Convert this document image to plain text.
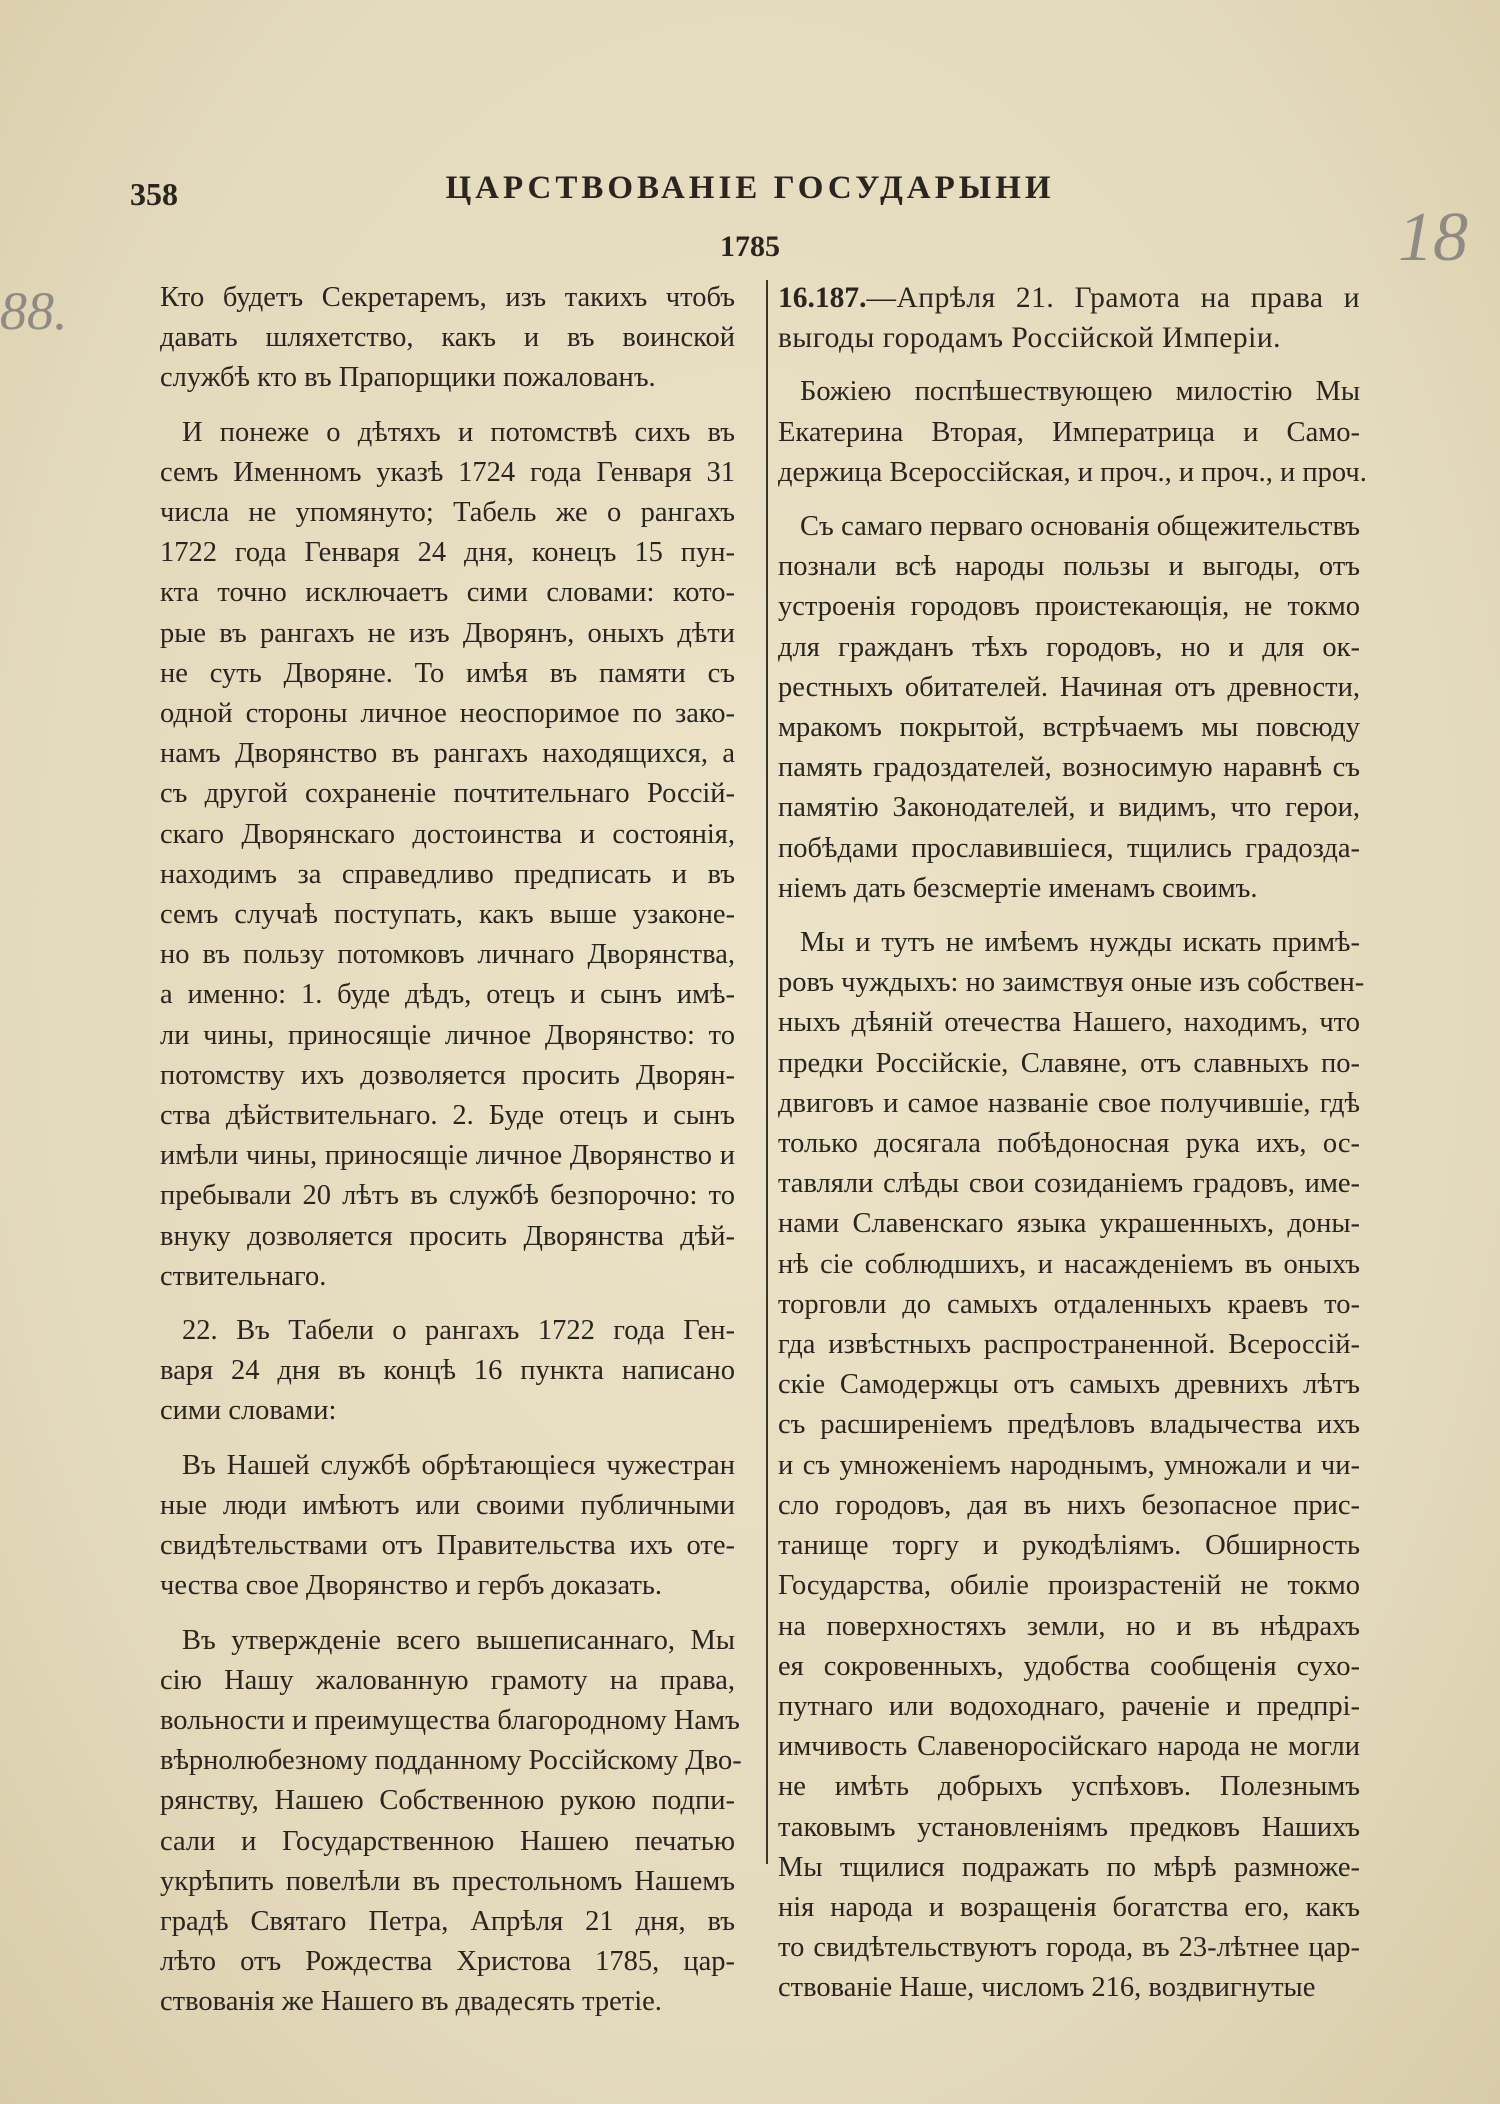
358	ЦАРСТВОВАНІЕ ГОСУДАРЫНИ
1785
88.
18
Кто будетъ Секретаремъ, изъ такихъ чтобъ
давать шляхетство, какъ и въ воинской
службѣ кто въ Прапорщики пожалованъ.
И понеже о дѣтяхъ и потомствѣ сихъ въ
семъ Именномъ указѣ 1724 года Генваря 31
числа не упомянуто; Табель же о рангахъ
1722 года Генваря 24 дня, конецъ 15 пун-
кта точно исключаетъ сими словами: кото-
рые въ рангахъ не изъ Дворянъ, оныхъ дѣти
не суть Дворяне. То имѣя въ памяти съ
одной стороны личное неоспоримое по зако-
намъ Дворянство въ рангахъ находящихся, а
съ другой сохраненіе почтительнаго Россій-
скаго Дворянскаго достоинства и состоянія,
находимъ за справедливо предписать и въ
семъ случаѣ поступать, какъ выше узаконе-
но въ пользу потомковъ личнаго Дворянства,
а именно: 1. буде дѣдъ, отецъ и сынъ имѣ-
ли чины, приносящіе личное Дворянство: то
потомству ихъ дозволяется просить Дворян-
ства дѣйствительнаго. 2. Буде отецъ и сынъ
имѣли чины, приносящіе личное Дворянство и
пребывали 20 лѣтъ въ службѣ безпорочно: то
внуку дозволяется просить Дворянства дѣй-
ствительнаго.
22. Въ Табели о рангахъ 1722 года Ген-
варя 24 дня въ концѣ 16 пункта написано
сими словами:
Въ Нашей службѣ обрѣтающіеся чужестран
ные люди имѣютъ или своими публичными
свидѣтельствами отъ Правительства ихъ оте-
чества свое Дворянство и гербъ доказать.
Въ утвержденіе всего вышеписаннаго, Мы
сію Нашу жалованную грамоту на права,
вольности и преимущества благородному Намъ
вѣрнолюбезному подданному Россійскому Дво-
рянству, Нашею Собственною рукою подпи-
сали и Государственною Нашею печатью
укрѣпить повелѣли въ престольномъ Нашемъ
градѣ Святаго Петра, Апрѣля 21 дня, въ
лѣто отъ Рождества Христова 1785, цар-
ствованія же Нашего въ двадесять третіе.
16.187.—Апрѣля 21. Грамота на права и
выгоды городамъ Россійской Имперіи.
Божіею поспѣшествующею милостію Мы
Екатерина Вторая, Императрица и Само-
держица Всероссійская, и проч., и проч., и проч.
Съ самаго перваго основанія общежительствъ
познали всѣ народы пользы и выгоды, отъ
устроенія городовъ проистекающія, не токмо
для гражданъ тѣхъ городовъ, но и для ок-
рестныхъ обитателей. Начиная отъ древности,
мракомъ покрытой, встрѣчаемъ мы повсюду
память градоздателей, возносимую наравнѣ съ
памятію Законодателей, и видимъ, что герои,
побѣдами прославившіеся, тщились градозда-
ніемъ дать безсмертіе именамъ своимъ.
Мы и тутъ не имѣемъ нужды искать примѣ-
ровъ чуждыхъ: но заимствуя оные изъ собствен-
ныхъ дѣяній отечества Нашего, находимъ, что
предки Россійскіе, Славяне, отъ славныхъ по-
двиговъ и самое названіе свое получившіе, гдѣ
только досягала побѣдоносная рука ихъ, ос-
тавляли слѣды свои созиданіемъ градовъ, име-
нами Славенскаго языка украшенныхъ, доны-
нѣ сіе соблюдшихъ, и насажденіемъ въ оныхъ
торговли до самыхъ отдаленныхъ краевъ то-
гда извѣстныхъ распространенной. Всероссій-
скіе Самодержцы отъ самыхъ древнихъ лѣтъ
съ расширеніемъ предѣловъ владычества ихъ
и съ умноженіемъ народнымъ, умножали и чи-
сло городовъ, дая въ нихъ безопасное прис-
танище торгу и рукодѣліямъ. Обширность
Государства, обиліе произрастеній не токмо
на поверхностяхъ земли, но и въ нѣдрахъ
ея сокровенныхъ, удобства сообщенія сухо-
путнаго или водоходнаго, раченіе и предпрі-
имчивость Славеноросійскаго народа не могли
не имѣть добрыхъ успѣховъ. Полезнымъ
таковымъ установленіямъ предковъ Нашихъ
Мы тщилися подражать по мѣрѣ размноже-
нія народа и возращенія богатства его, какъ
то свидѣтельствуютъ города, въ 23-лѣтнее цар-
ствованіе Наше, числомъ 216, воздвигнутые
